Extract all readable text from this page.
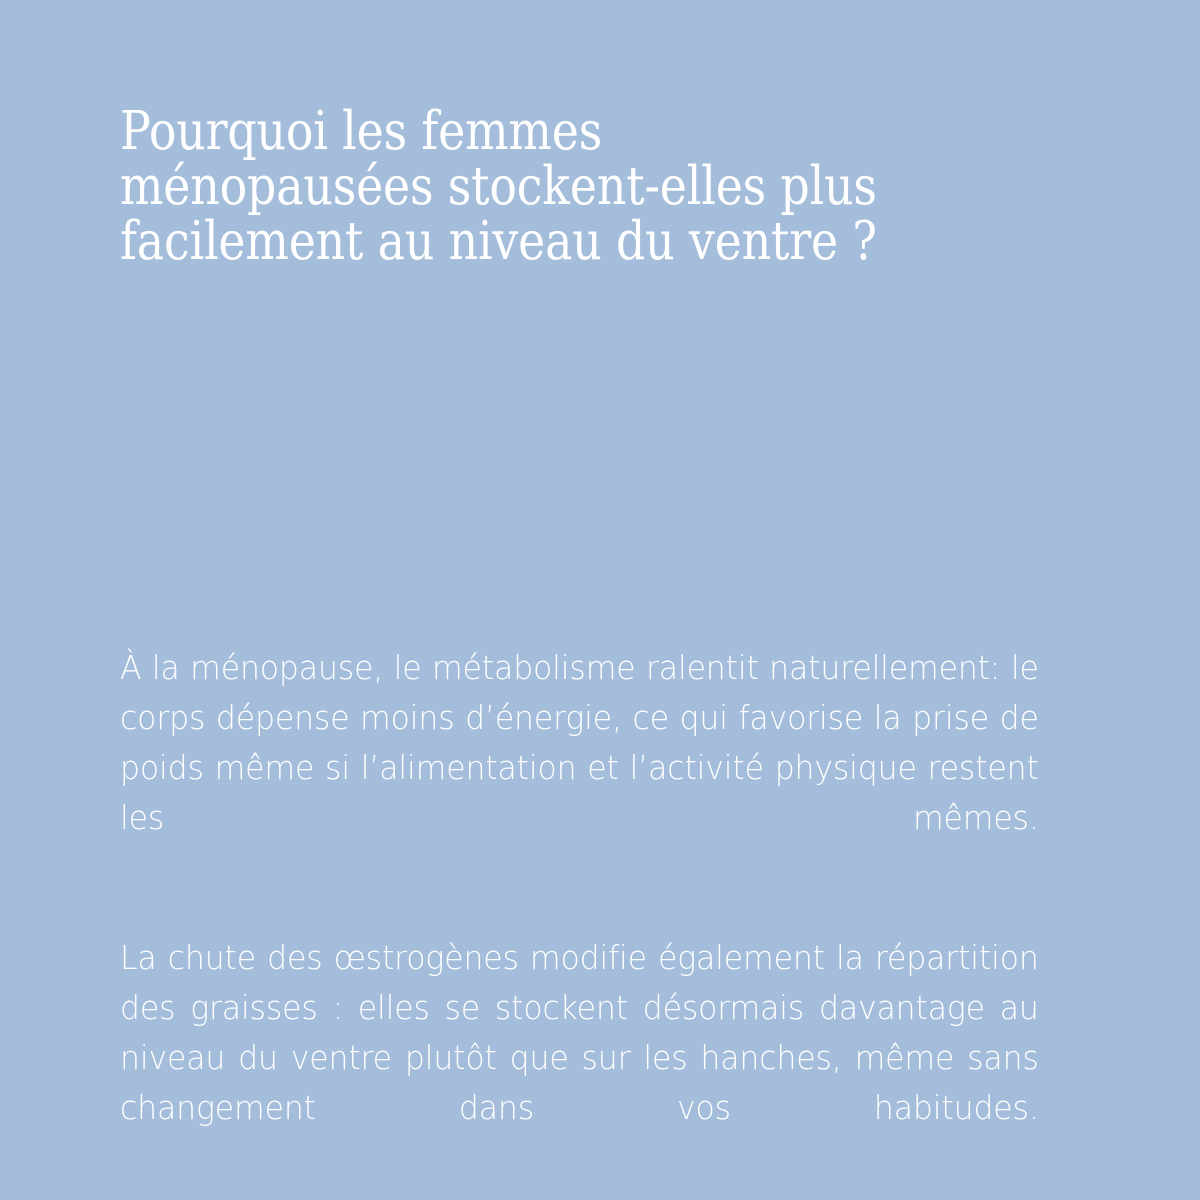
Pourquoi les femmes ménopausées stockent-elles plus facilement au niveau du ventre ?

À la ménopause, le métabolisme ralentit naturellement: le corps dépense moins d’énergie, ce qui favorise la prise de poids même si l’alimentation et l’activité physique restent les mêmes.

La chute des œstrogènes modifie également la répartition des graisses : elles se stockent désormais davantage au niveau du ventre plutôt que sur les hanches, même sans changement dans vos habitudes.
